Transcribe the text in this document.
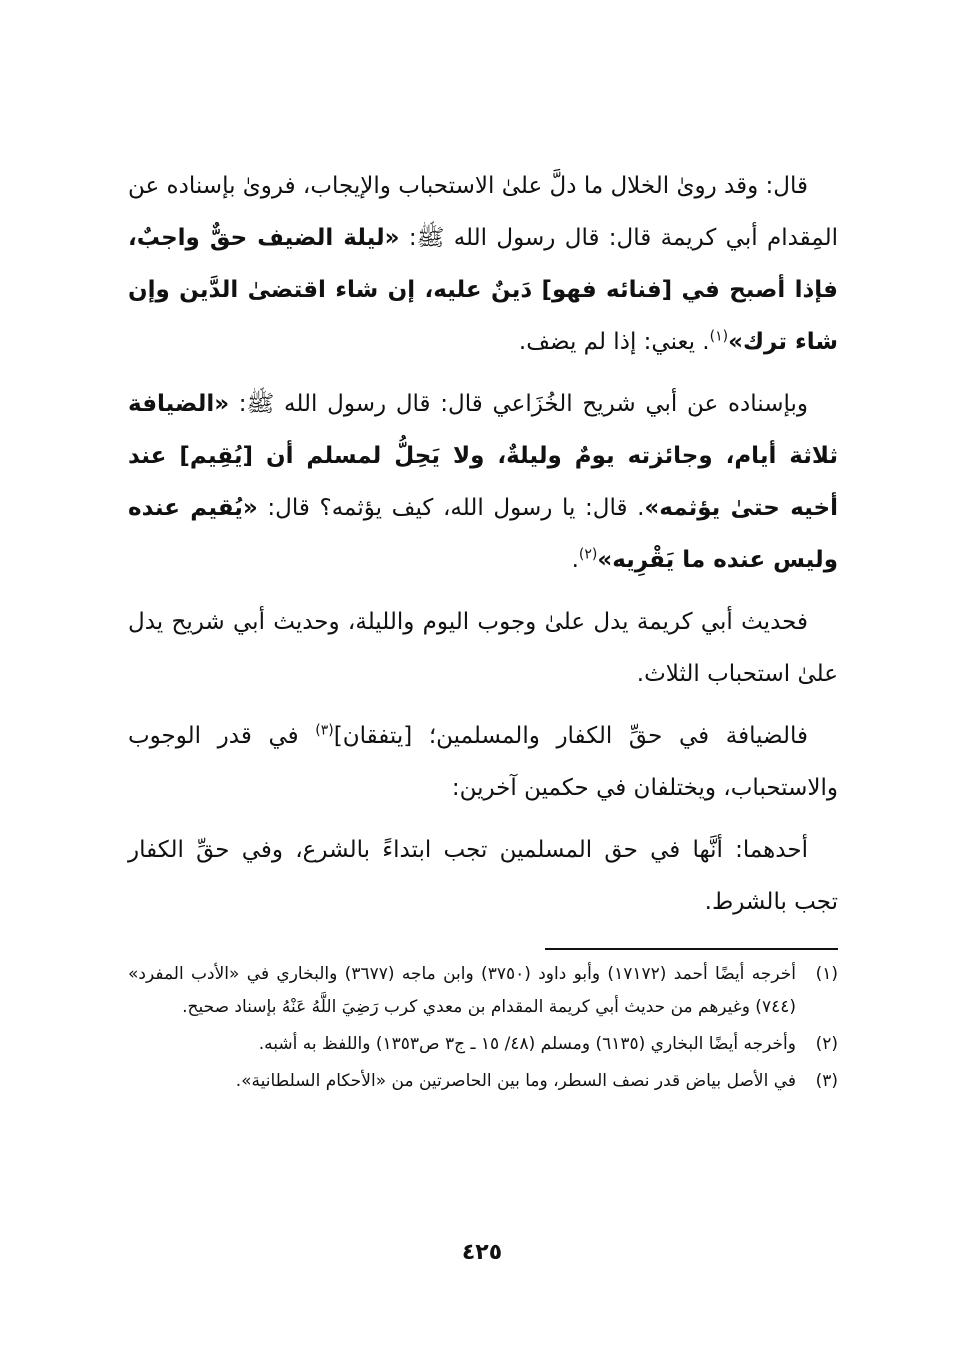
قال: وقد روىٰ الخلال ما دلَّ علىٰ الاستحباب والإيجاب، فروىٰ بإسناده عن المِقدام أبي كريمة قال: قال رسول الله ﷺ: «ليلة الضيف حقٌّ واجبٌ، فإذا أصبح في [فنائه فهو] دَينٌ عليه، إن شاء اقتضىٰ الدَّين وإن شاء ترك»$^{(١)}$. يعني: إذا لم يضف.

وبإسناده عن أبي شريح الخُزَاعي قال: قال رسول الله ﷺ: «الضيافة ثلاثة أيام، وجائزته يومٌ وليلةٌ، ولا يَحِلُّ لمسلم أن [يُقِيم] عند أخيه حتىٰ يؤثمه». قال: يا رسول الله، كيف يؤثمه؟ قال: «يُقيم عنده وليس عنده ما يَقْرِيه»$^{(٢)}$.

فحديث أبي كريمة يدل علىٰ وجوب اليوم والليلة، وحديث أبي شريح يدل علىٰ استحباب الثلاث.

فالضيافة في حقِّ الكفار والمسلمين؛ [يتفقان]$^{(٣)}$ في قدر الوجوب والاستحباب، ويختلفان في حكمين آخرين:

أحدهما: أنَّها في حق المسلمين تجب ابتداءً بالشرع، وفي حقِّ الكفار تجب بالشرط.

(١)
أخرجه أيضًا أحمد (١٧١٧٢) وأبو داود (٣٧٥٠) وابن ماجه (٣٦٧٧) والبخاري في «الأدب المفرد» (٧٤٤) وغيرهم من حديث أبي كريمة المقدام بن معدي كرب رَضِيَ اللَّهُ عَنْهُ بإسناد صحيح.

(٢)
وأخرجه أيضًا البخاري (٦١٣٥) ومسلم (٤٨/ ١٥ ـ ج٣ ص١٣٥٣) واللفظ به أشبه.

(٣)
في الأصل بياض قدر نصف السطر، وما بين الحاصرتين من «الأحكام السلطانية».

٤٢٥
